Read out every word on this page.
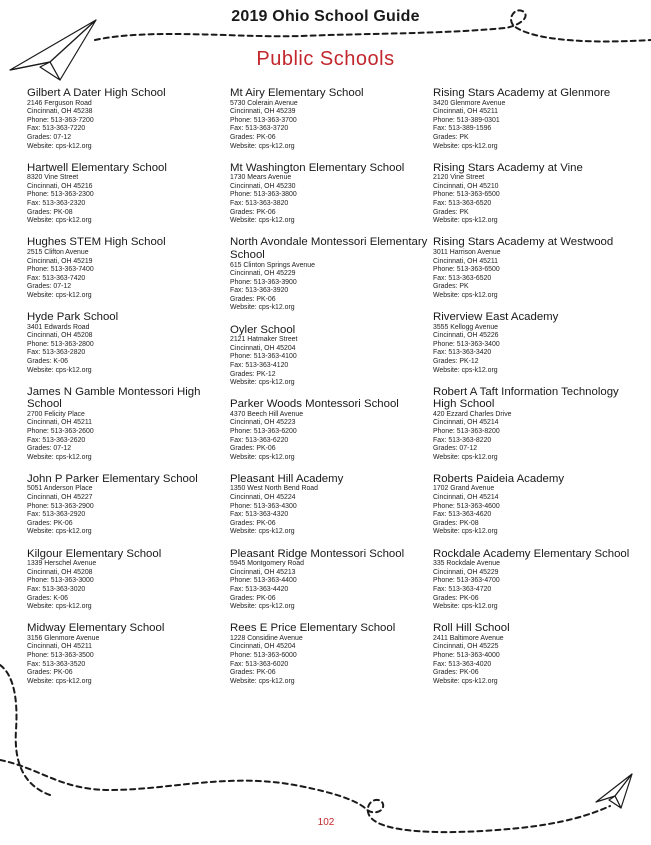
2019 Ohio School Guide
Public Schools
Gilbert A Dater High School
2146 Ferguson Road
Cincinnati, OH 45238
Phone: 513-363-7200
Fax: 513-363-7220
Grades: 07-12
Website: cps-k12.org
Hartwell Elementary School
8320 Vine Street
Cincinnati, OH 45216
Phone: 513-363-2300
Fax: 513-363-2320
Grades: PK-08
Website: cps-k12.org
Hughes STEM High School
2515 Clifton Avenue
Cincinnati, OH 45219
Phone: 513-363-7400
Fax: 513-363-7420
Grades: 07-12
Website: cps-k12.org
Hyde Park School
3401 Edwards Road
Cincinnati, OH 45208
Phone: 513-363-2800
Fax: 513-363-2820
Grades: K-06
Website: cps-k12.org
James N Gamble Montessori High School
2700 Felicity Place
Cincinnati, OH 45211
Phone: 513-363-2600
Fax: 513-363-2620
Grades: 07-12
Website: cps-k12.org
John P Parker Elementary School
5051 Anderson Place
Cincinnati, OH 45227
Phone: 513-363-2900
Fax: 513-363-2920
Grades: PK-06
Website: cps-k12.org
Kilgour Elementary School
1339 Herschel Avenue
Cincinnati, OH 45208
Phone: 513-363-3000
Fax: 513-363-3020
Grades: K-06
Website: cps-k12.org
Midway Elementary School
3156 Glenmore Avenue
Cincinnati, OH 45211
Phone: 513-363-3500
Fax: 513-363-3520
Grades: PK-06
Website: cps-k12.org
Mt Airy Elementary School
5730 Colerain Avenue
Cincinnati, OH 45239
Phone: 513-363-3700
Fax: 513-363-3720
Grades: PK-06
Website: cps-k12.org
Mt Washington Elementary School
1730 Mears Avenue
Cincinnati, OH 45230
Phone: 513-363-3800
Fax: 513-363-3820
Grades: PK-06
Website: cps-k12.org
North Avondale Montessori Elementary School
615 Clinton Springs Avenue
Cincinnati, OH 45229
Phone: 513-363-3900
Fax: 513-363-3920
Grades: PK-06
Website: cps-k12.org
Oyler School
2121 Hatmaker Street
Cincinnati, OH 45204
Phone: 513-363-4100
Fax: 513-363-4120
Grades: PK-12
Website: cps-k12.org
Parker Woods Montessori School
4370 Beech Hill Avenue
Cincinnati, OH 45223
Phone: 513-363-6200
Fax: 513-363-6220
Grades: PK-06
Website: cps-k12.org
Pleasant Hill Academy
1350 West North Bend Road
Cincinnati, OH 45224
Phone: 513-363-4300
Fax: 513-363-4320
Grades: PK-06
Website: cps-k12.org
Pleasant Ridge Montessori School
5945 Montgomery Road
Cincinnati, OH 45213
Phone: 513-363-4400
Fax: 513-363-4420
Grades: PK-06
Website: cps-k12.org
Rees E Price Elementary School
1228 Considine Avenue
Cincinnati, OH 45204
Phone: 513-363-6000
Fax: 513-363-6020
Grades: PK-06
Website: cps-k12.org
Rising Stars Academy at Glenmore
3420 Glenmore Avenue
Cincinnati, OH 45211
Phone: 513-389-0301
Fax: 513-389-1596
Grades: PK
Website: cps-k12.org
Rising Stars Academy at Vine
2120 Vine Street
Cincinnati, OH 45210
Phone: 513-363-6500
Fax: 513-363-6520
Grades: PK
Website: cps-k12.org
Rising Stars Academy at Westwood
3011 Harrison Avenue
Cincinnati, OH 45211
Phone: 513-363-6500
Fax: 513-363-6520
Grades: PK
Website: cps-k12.org
Riverview East Academy
3555 Kellogg Avenue
Cincinnati, OH 45226
Phone: 513-363-3400
Fax: 513-363-3420
Grades: PK-12
Website: cps-k12.org
Robert A Taft Information Technology High School
420 Ezzard Charles Drive
Cincinnati, OH 45214
Phone: 513-363-8200
Fax: 513-363-8220
Grades: 07-12
Website: cps-k12.org
Roberts Paideia Academy
1702 Grand Avenue
Cincinnati, OH 45214
Phone: 513-363-4600
Fax: 513-363-4620
Grades: PK-08
Website: cps-k12.org
Rockdale Academy Elementary School
335 Rockdale Avenue
Cincinnati, OH 45229
Phone: 513-363-4700
Fax: 513-363-4720
Grades: PK-06
Website: cps-k12.org
Roll Hill School
2411 Baltimore Avenue
Cincinnati, OH 45225
Phone: 513-363-4000
Fax: 513-363-4020
Grades: PK-06
Website: cps-k12.org
102
